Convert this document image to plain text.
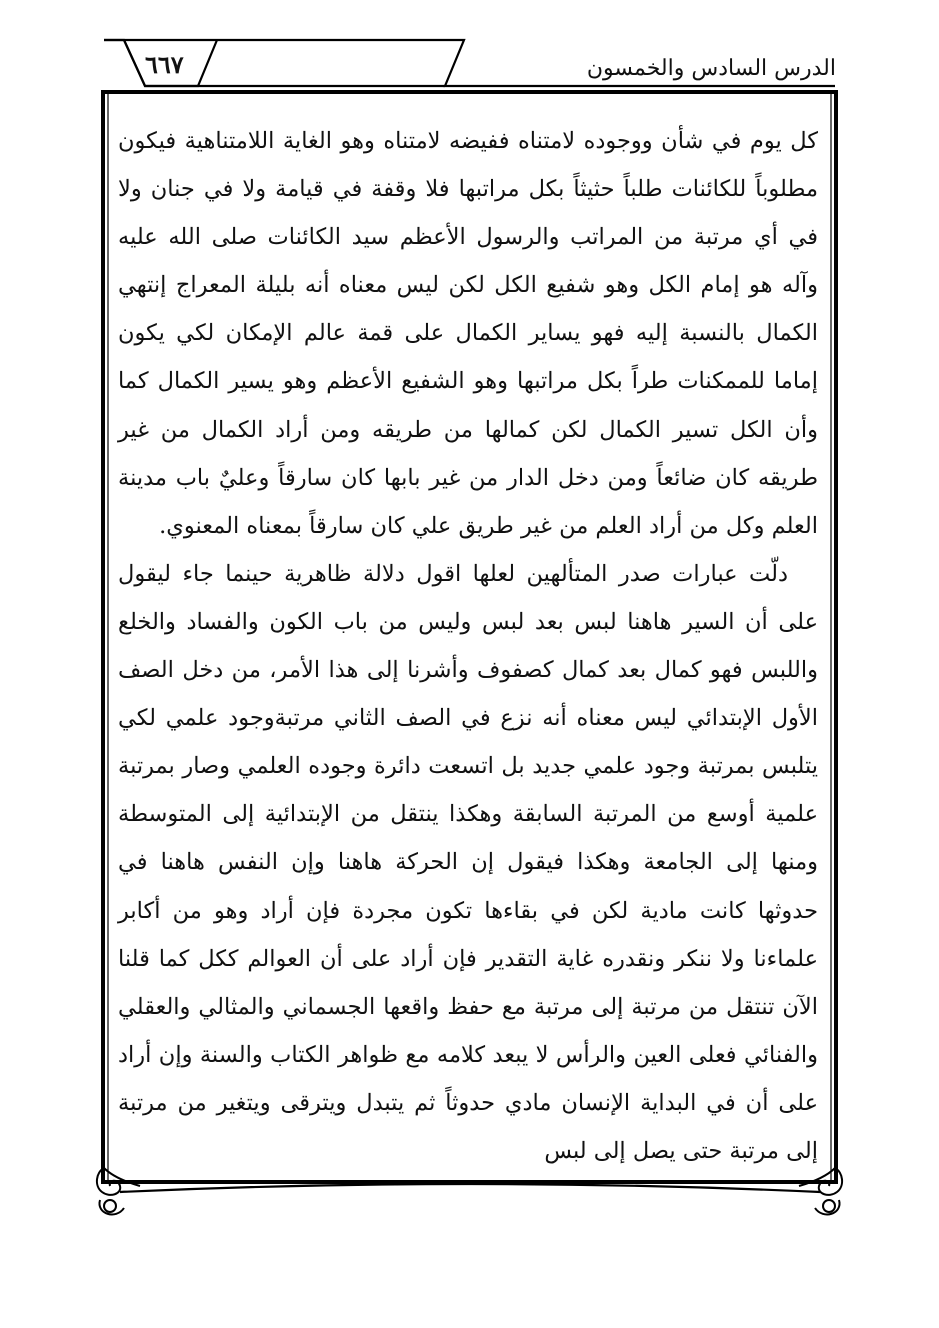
الدرس السادس والخمسون
٦٦٧

كل يوم في شأن ووجوده لامتناه ففيضه لامتناه وهو الغاية اللامتناهية فيكون مطلوباً للكائنات طلباً حثيثاً بكل مراتبها فلا وقفة في قيامة ولا في جنان ولا في أي مرتبة من المراتب والرسول الأعظم سيد الكائنات صلى الله عليه وآله هو إمام الكل وهو شفيع الكل لكن ليس معناه أنه بليلة المعراج إنتهي الكمال بالنسبة إليه فهو يساير الكمال على قمة عالم الإمكان لكي يكون إماما للممكنات طراً بكل مراتبها وهو الشفيع الأعظم وهو يسير الكمال كما وأن الكل تسير الكمال لكن كمالها من طريقه ومن أراد الكمال من غير طريقه كان ضائعاً ومن دخل الدار من غير بابها كان سارقاً وعليٌ باب مدينة العلم وكل من أراد العلم من غير طريق علي كان سارقاً بمعناه المعنوي.

دلّت عبارات صدر المتألهين لعلها اقول دلالة ظاهرية حينما جاء ليقول على أن السير هاهنا لبس بعد لبس وليس من باب الكون والفساد والخلع واللبس فهو كمال بعد كمال كصفوف وأشرنا إلى هذا الأمر، من دخل الصف الأول الإبتدائي ليس معناه أنه نزع في الصف الثاني مرتبةوجود علمي لكي يتلبس بمرتبة وجود علمي جديد بل اتسعت دائرة وجوده العلمي وصار بمرتبة علمية أوسع من المرتبة السابقة وهكذا ينتقل من الإبتدائية إلى المتوسطة ومنها إلى الجامعة وهكذا فيقول إن الحركة هاهنا وإن النفس هاهنا في حدوثها كانت مادية لكن في بقاءها تكون مجردة فإن أراد وهو من أكابر علماءنا ولا ننكر ونقدره غاية التقدير فإن أراد على أن العوالم ككل كما قلنا الآن تنتقل من مرتبة إلى مرتبة مع حفظ واقعها الجسماني والمثالي والعقلي والفنائي فعلى العين والرأس لا يبعد كلامه مع ظواهر الكتاب والسنة وإن أراد على أن في البداية الإنسان مادي حدوثاً ثم يتبدل ويترقى ويتغير من مرتبة إلى مرتبة حتى يصل إلى لبس
